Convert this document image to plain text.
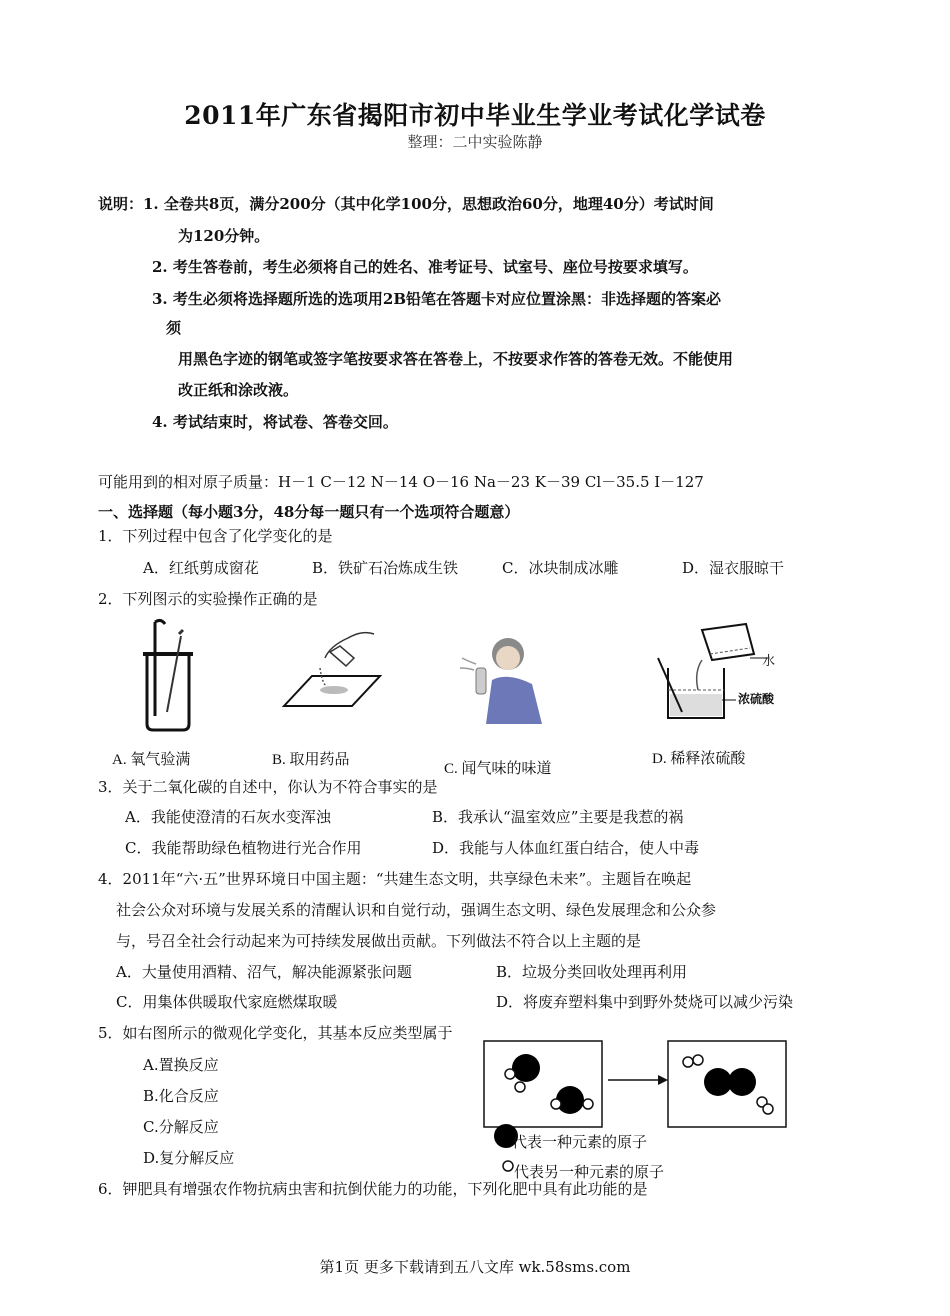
2011年广东省揭阳市初中毕业生学业考试化学试卷
整理：二中实验陈静
说明：1. 全卷共8页，满分200分（其中化学100分，思想政治60分，地理40分）考试时间
为120分钟。
2. 考生答卷前，考生必须将自己的姓名、准考证号、试室号、座位号按要求填写。
3. 考生必须将选择题所选的选项用2B铅笔在答题卡对应位置涂黑：非选择题的答案必
须
用黑色字迹的钢笔或签字笔按要求答在答卷上，不按要求作答的答卷无效。不能使用
改正纸和涂改液。
4. 考试结束时，将试卷、答卷交回。
可能用到的相对原子质量：H－1 C－12 N－14 O－16 Na－23 K－39 Cl－35.5 I－127
一、选择题（每小题3分，48分每一题只有一个选项符合题意）
1．下列过程中包含了化学变化的是
A．红纸剪成窗花	B．铁矿石冶炼成生铁	C．冰块制成冰雕	D．湿衣服晾干
2．下列图示的实验操作正确的是
水
浓硫酸
A. 氧气验满	B. 取用药品
C. 闻气味的味道
D. 稀释浓硫酸
3．关于二氧化碳的自述中，你认为不符合事实的是
A．我能使澄清的石灰水变浑浊	B．我承认“温室效应”主要是我惹的祸
C．我能帮助绿色植物进行光合作用	D．我能与人体血红蛋白结合，使人中毒
4．2011年“六·五”世界环境日中国主题：“共建生态文明，共享绿色未来”。主题旨在唤起
社会公众对环境与发展关系的清醒认识和自觉行动，强调生态文明、绿色发展理念和公众参
与，号召全社会行动起来为可持续发展做出贡献。下列做法不符合以上主题的是
A．大量使用酒精、沼气，解决能源紧张问题	B．垃圾分类回收处理再利用
C．用集体供暖取代家庭燃煤取暖	D．将废弃塑料集中到野外焚烧可以减少污染
5．如右图所示的微观化学变化，其基本反应类型属于
A.置换反应
B.化合反应
C.分解反应
D.复分解反应
代表一种元素的原子
代表另一种元素的原子
6．钾肥具有增强农作物抗病虫害和抗倒伏能力的功能，下列化肥中具有此功能的是
第1页 更多下载请到五八文库 wk.58sms.com
